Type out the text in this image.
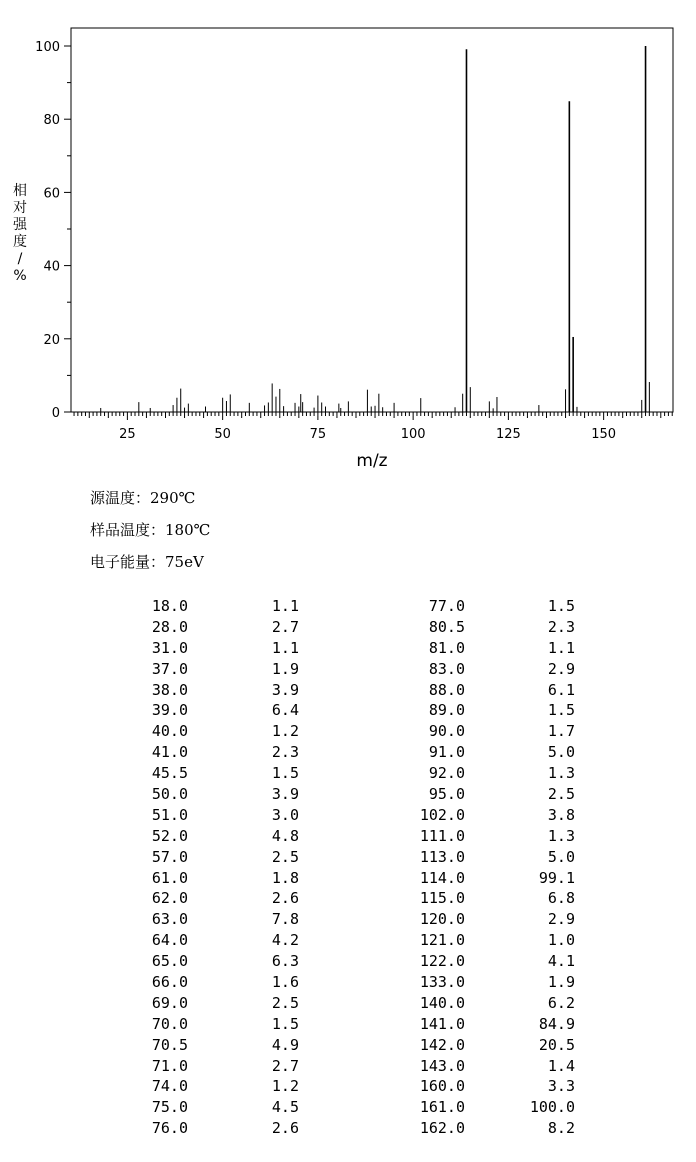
25	50	75	100	125	150
0
20
40
60
80
100
m/z
相
对
强
度
/
%
源温度：290℃
样品温度：180℃
电子能量：75eV
18.0	1.1	77.0	1.5
28.0	2.7	80.5	2.3
31.0	1.1	81.0	1.1
37.0	1.9	83.0	2.9
38.0	3.9	88.0	6.1
39.0	6.4	89.0	1.5
40.0	1.2	90.0	1.7
41.0	2.3	91.0	5.0
45.5	1.5	92.0	1.3
50.0	3.9	95.0	2.5
51.0	3.0	102.0	3.8
52.0	4.8	111.0	1.3
57.0	2.5	113.0	5.0
61.0	1.8	114.0	99.1
62.0	2.6	115.0	6.8
63.0	7.8	120.0	2.9
64.0	4.2	121.0	1.0
65.0	6.3	122.0	4.1
66.0	1.6	133.0	1.9
69.0	2.5	140.0	6.2
70.0	1.5	141.0	84.9
70.5	4.9	142.0	20.5
71.0	2.7	143.0	1.4
74.0	1.2	160.0	3.3
75.0	4.5	161.0	100.0
76.0	2.6	162.0	8.2
